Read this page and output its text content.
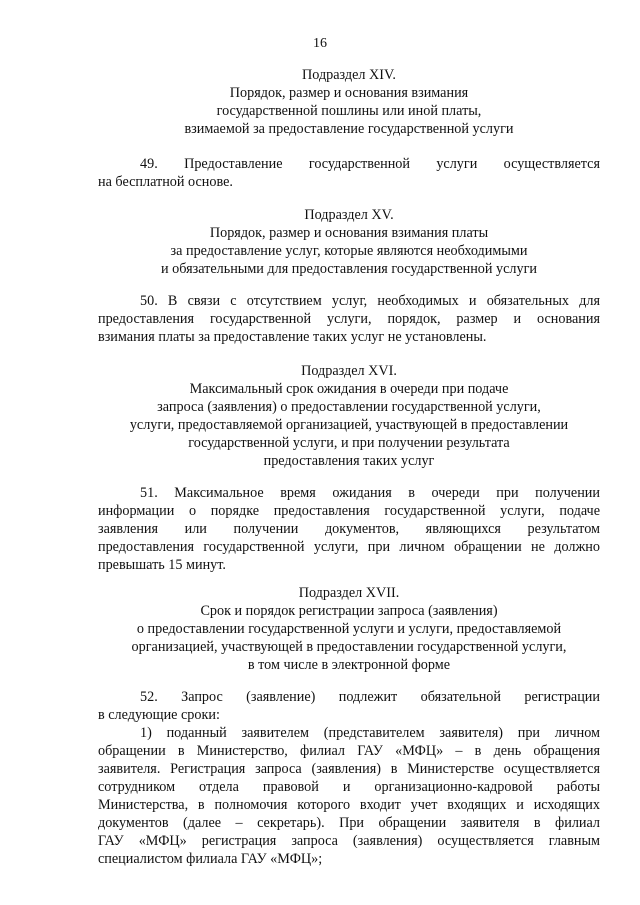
16
Подраздел XIV.
Порядок, размер и основания взимания
государственной пошлины или иной платы,
взимаемой за предоставление государственной услуги
49. Предоставление государственной услуги осуществляется
на бесплатной основе.
Подраздел XV.
Порядок, размер и основания взимания платы
за предоставление услуг, которые являются необходимыми
и обязательными для предоставления государственной услуги
50. В связи с отсутствием услуг, необходимых и обязательных для
предоставления государственной услуги, порядок, размер и основания
взимания платы за предоставление таких услуг не установлены.
Подраздел XVI.
Максимальный срок ожидания в очереди при подаче
запроса (заявления) о предоставлении государственной услуги,
услуги, предоставляемой организацией, участвующей в предоставлении
государственной услуги, и при получении результата
предоставления таких услуг
51. Максимальное время ожидания в очереди при получении
информации о порядке предоставления государственной услуги, подаче
заявления или получении документов, являющихся результатом
предоставления государственной услуги, при личном обращении не должно
превышать 15 минут.
Подраздел XVII.
Срок и порядок регистрации запроса (заявления)
о предоставлении государственной услуги и услуги, предоставляемой
организацией, участвующей в предоставлении государственной услуги,
в том числе в электронной форме
52. Запрос (заявление) подлежит обязательной регистрации
в следующие сроки:
1) поданный заявителем (представителем заявителя) при личном
обращении в Министерство, филиал ГАУ «МФЦ» – в день обращения
заявителя. Регистрация запроса (заявления) в Министерстве осуществляется
сотрудником отдела правовой и организационно-кадровой работы
Министерства, в полномочия которого входит учет входящих и исходящих
документов (далее – секретарь). При обращении заявителя в филиал
ГАУ «МФЦ» регистрация запроса (заявления) осуществляется главным
специалистом филиала ГАУ «МФЦ»;
